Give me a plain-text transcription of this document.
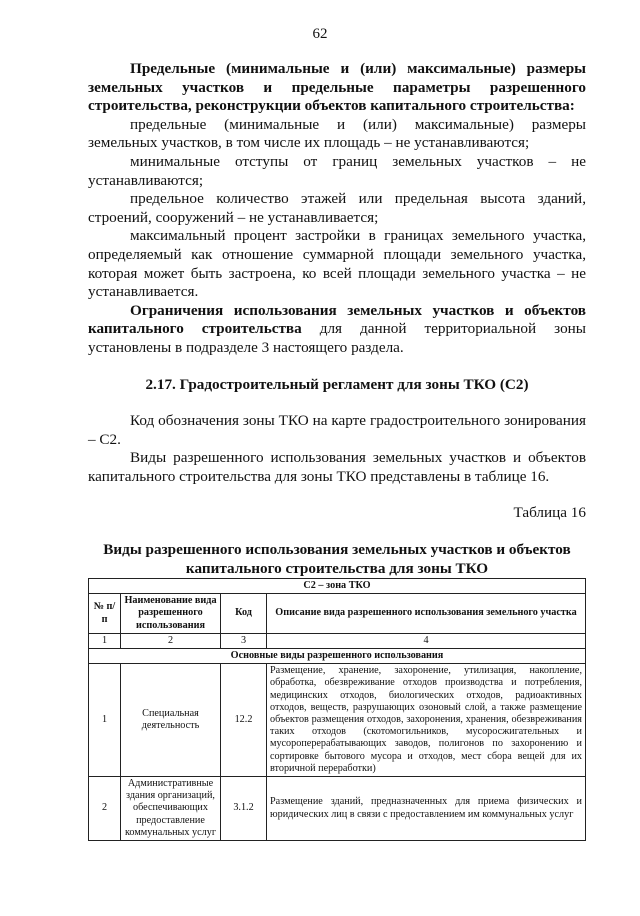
62

Предельные (минимальные и (или) максимальные) размеры земельных участков и предельные параметры разрешенного строительства, реконструкции объектов капитального строительства:

предельные (минимальные и (или) максимальные) размеры земельных участков, в том числе их площадь – не устанавливаются;

минимальные отступы от границ земельных участков – не устанавливаются;

предельное количество этажей или предельная высота зданий, строений, сооружений – не устанавливается;

максимальный процент застройки в границах земельного участка, определяемый как отношение суммарной площади земельного участка, которая может быть застроена, ко всей площади земельного участка – не устанавливается.

Ограничения использования земельных участков и объектов капитального строительства для данной территориальной зоны установлены в подразделе 3 настоящего раздела.

2.17. Градостроительный регламент для зоны ТКО (С2)

Код обозначения зоны ТКО на карте градостроительного зонирования – С2.

Виды разрешенного использования земельных участков и объектов капитального строительства для зоны ТКО представлены в таблице 16.

Таблица 16

Виды разрешенного использования земельных участков и объектов капитального строительства для зоны ТКО
С2 – зона ТКО			
№ п/п	Наименование вида разрешенного использования	Код	Описание вида разрешенного использования земельного участка
1	2	3	4
Основные виды разрешенного использования			
1	Специальная деятельность	12.2	Размещение, хранение, захоронение, утилизация, накопление, обработка, обезвреживание отходов производства и потребления, медицинских отходов, биологических отходов, радиоактивных отходов, веществ, разрушающих озоновый слой, а также размещение объектов размещения отходов, захоронения, хранения, обезвреживания таких отходов (скотомогильников, мусоросжигательных и мусороперерабатывающих заводов, полигонов по захоронению и сортировке бытового мусора и отходов, мест сбора вещей для их вторичной переработки)
2	Административные здания организаций, обеспечивающих предоставление коммунальных услуг	3.1.2	Размещение зданий, предназначенных для приема физических и юридических лиц в связи с предоставлением им коммунальных услуг
